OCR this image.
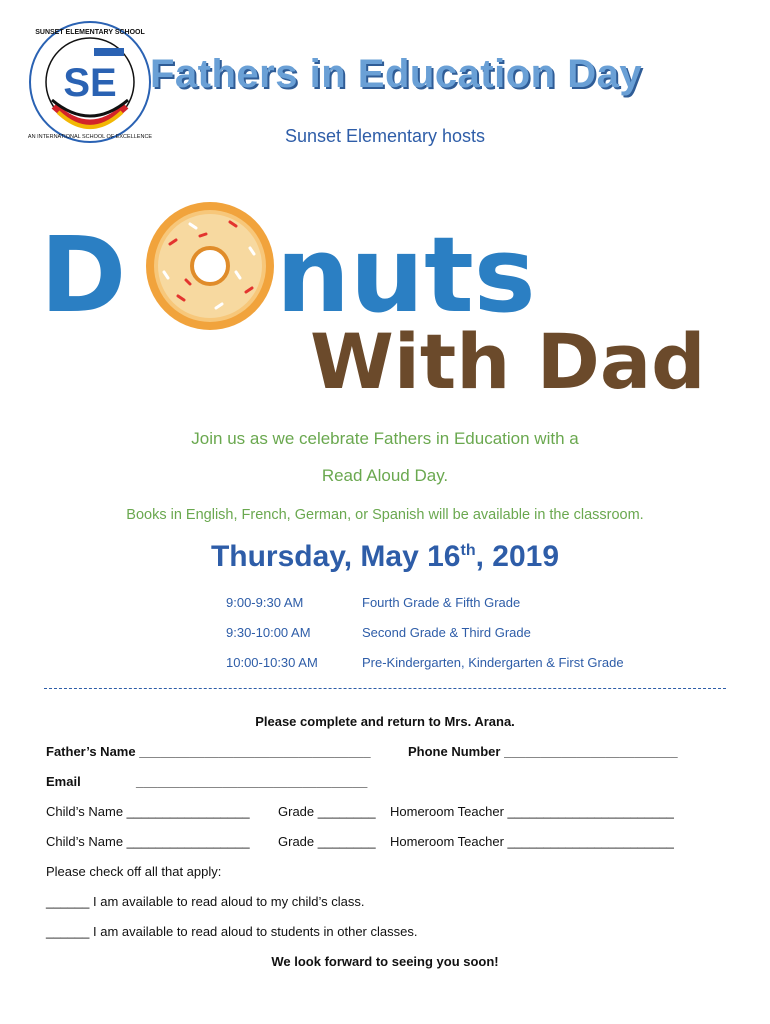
SE
SUNSET ELEMENTARY SCHOOL
AN INTERNATIONAL SCHOOL OF EXCELLENCE
Fathers in Education Day
Sunset Elementary hosts
D nuts
With Dad
Join us as we celebrate Fathers in Education with a
Read Aloud Day.
Books in English, French, German, or Spanish will be available in the classroom.
Thursday, May 16th, 2019
9:00-9:30 AM	Fourth Grade & Fifth Grade
9:30-10:00 AM	Second Grade & Third Grade
10:00-10:30 AM	Pre-Kindergarten, Kindergarten & First Grade
Please complete and return to Mrs. Arana.
Father’s Name ________________________________	Phone Number ________________________
Email	________________________________
Child’s Name _________________ Grade ________ Homeroom Teacher _______________________
Child’s Name _________________ Grade ________ Homeroom Teacher _______________________
Please check off all that apply:
______ I am available to read aloud to my child’s class.
______ I am available to read aloud to students in other classes.
We look forward to seeing you soon!
